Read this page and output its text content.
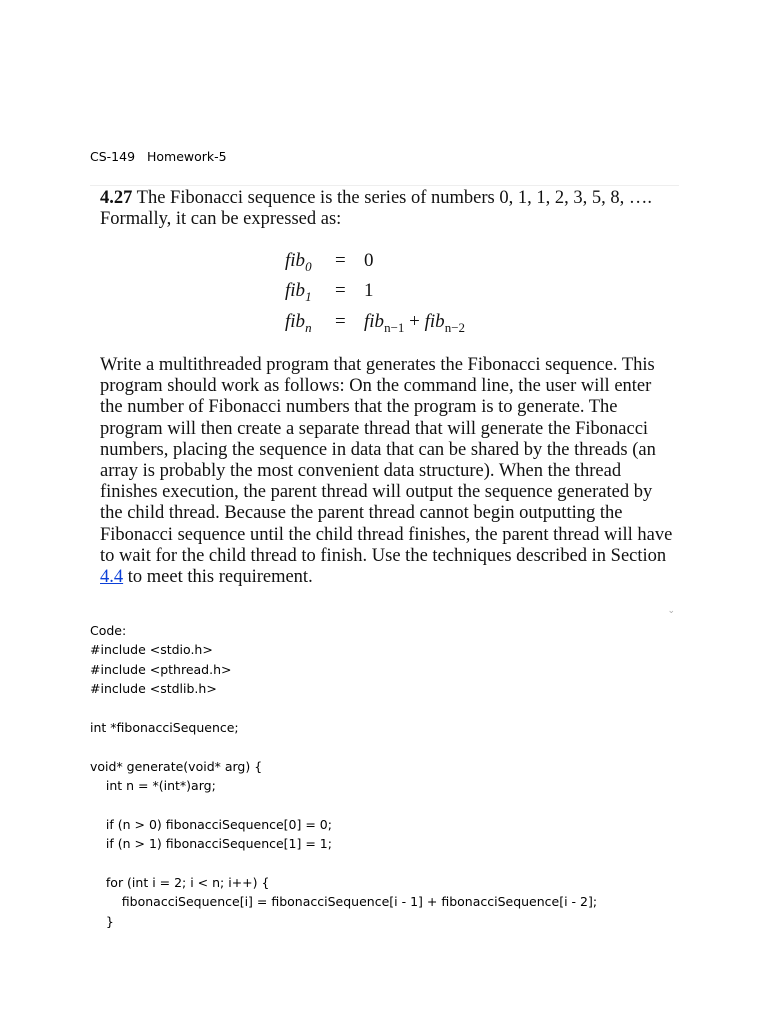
CS-149 Homework-5
4.27 The Fibonacci sequence is the series of numbers 0, 1, 1, 2, 3, 5, 8, …. Formally, it can be expressed as:
fib$_0$ = 0
fib$_1$ = 1
fib$_n$ = fib$_{n-1}$ + fib$_{n-2}$
Write a multithreaded program that generates the Fibonacci sequence. This program should work as follows: On the command line, the user will enter the number of Fibonacci numbers that the program is to generate. The program will then create a separate thread that will generate the Fibonacci numbers, placing the sequence in data that can be shared by the threads (an array is probably the most convenient data structure). When the thread finishes execution, the parent thread will output the sequence generated by the child thread. Because the parent thread cannot begin outputting the Fibonacci sequence until the child thread finishes, the parent thread will have to wait for the child thread to finish. Use the techniques described in Section 4.4 to meet this requirement.
⌄
Code:
#include <stdio.h>
#include <pthread.h>
#include <stdlib.h>
int *fibonacciSequence;
void* generate(void* arg) {
int n = *(int*)arg;
if (n > 0) fibonacciSequence[0] = 0;
if (n > 1) fibonacciSequence[1] = 1;
for (int i = 2; i < n; i++) {
fibonacciSequence[i] = fibonacciSequence[i - 1] + fibonacciSequence[i - 2];
}
